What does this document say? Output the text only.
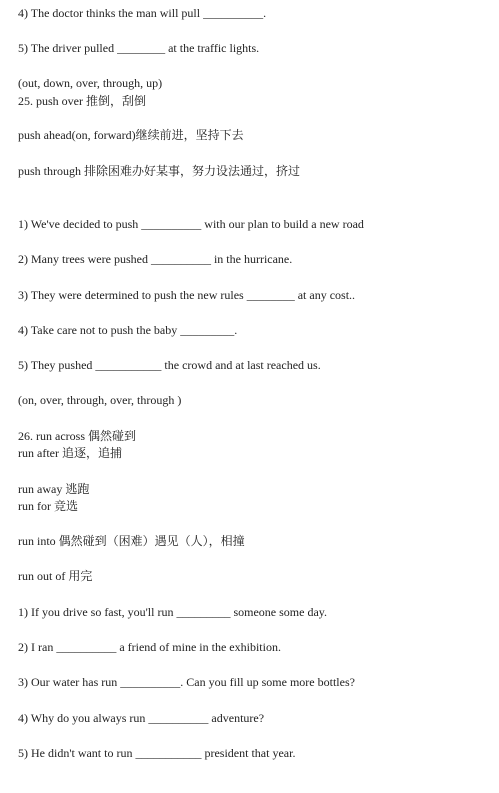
4) The doctor thinks the man will pull __________.
5) The driver pulled ________ at the traffic lights.
(out, down, over, through, up)
25. push over 推倒，刮倒
push ahead(on, forward)继续前进，坚持下去
push through 排除困难办好某事，努力设法通过，挤过
1) We've decided to push __________ with our plan to build a new road
2) Many trees were pushed __________ in the hurricane.
3) They were determined to push the new rules ________ at any cost..
4) Take care not to push the baby _________.
5) They pushed ___________ the crowd and at last reached us.
(on, over, through, over, through )
26. run across 偶然碰到
run after 追逐，追捕
run away 逃跑
run for 竞选
run into 偶然碰到（困难）遇见（人），相撞
run out of 用完
1) If you drive so fast, you'll run _________ someone some day.
2) I ran __________ a friend of mine in the exhibition.
3) Our water has run __________. Can you fill up some more bottles?
4) Why do you always run __________ adventure?
5) He didn't want to run ___________ president that year.
